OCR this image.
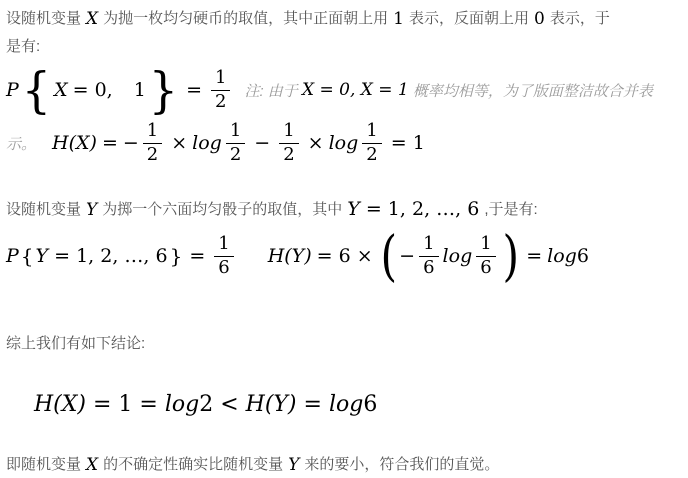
设随机变量 X 为抛一枚均匀硬币的取值，其中正面朝上用 1 表示，反面朝上用 0 表示，于
是有:
P { X = 0, 1 } = $\frac{1}{2}$ 注: 由于 X = 0, X = 1 概率均相等，为了版面整洁故合并表
示。 H(X) = − $\frac{1}{2} \times \log \frac{1}{2} - \frac{1}{2} \times \log \frac{1}{2} = 1$
设随机变量 Y 为掷一个六面均匀骰子的取值，其中 Y = 1, 2, …, 6 ,于是有:
P { Y = 1, 2, …, 6 } = $\frac{1}{6} H(Y) = 6$ × ( − $\frac{1}{6}$ $\log \frac{1}{6}$ ) = log 6
综上我们有如下结论:

H(X) = 1 = log2 < H(Y) = log6

即随机变量 X 的不确定性确实比随机变量 Y 来的要小，符合我们的直觉。
